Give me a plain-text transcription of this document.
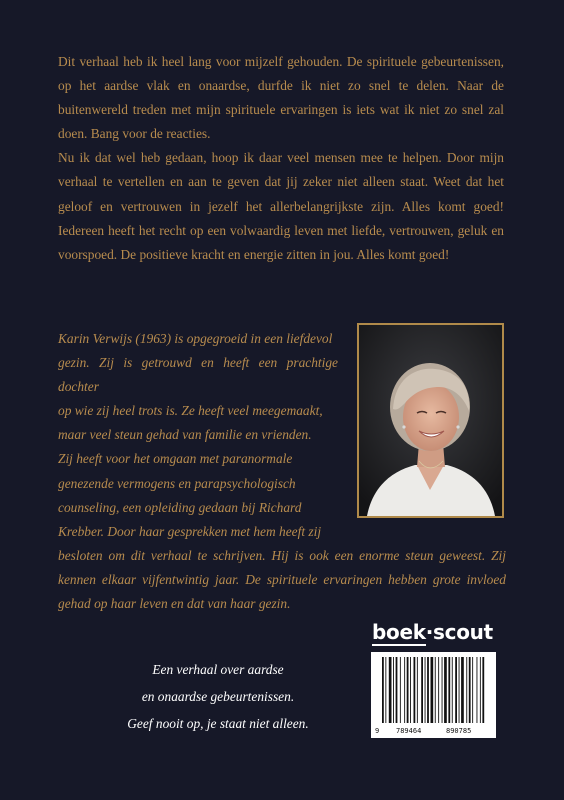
Dit verhaal heb ik heel lang voor mijzelf gehouden. De spirituele gebeurtenissen, op het aardse vlak en onaardse, durfde ik niet zo snel te delen. Naar de buitenwereld treden met mijn spirituele ervaringen is iets wat ik niet zo snel zal doen. Bang voor de reacties.

Nu ik dat wel heb gedaan, hoop ik daar veel mensen mee te helpen. Door mijn verhaal te vertellen en aan te geven dat jij zeker niet alleen staat. Weet dat het geloof en vertrouwen in jezelf het allerbelangrijkste zijn. Alles komt goed! Iedereen heeft het recht op een volwaardig leven met liefde, vertrouwen, geluk en voorspoed. De positieve kracht en energie zitten in jou. Alles komt goed!

Karin Verwijs (1963) is opgegroeid in een liefdevol
gezin. Zij is getrouwd en heeft een prachtige dochter
op wie zij heel trots is. Ze heeft veel meegemaakt,
maar veel steun gehad van familie en vrienden.
Zij heeft voor het omgaan met paranormale
genezende vermogens en parapsychologisch
counseling, een opleiding gedaan bij Richard
Krebber. Door haar gesprekken met hem heeft zij
besloten om dit verhaal te schrijven. Hij is ook een enorme steun geweest. Zij kennen elkaar vijfentwintig jaar. De spirituele ervaringen hebben grote invloed gehad op haar leven en dat van haar gezin.
boek·scout
9 789464	890785
Een verhaal over aardse
en onaardse gebeurtenissen.
Geef nooit op, je staat niet alleen.
